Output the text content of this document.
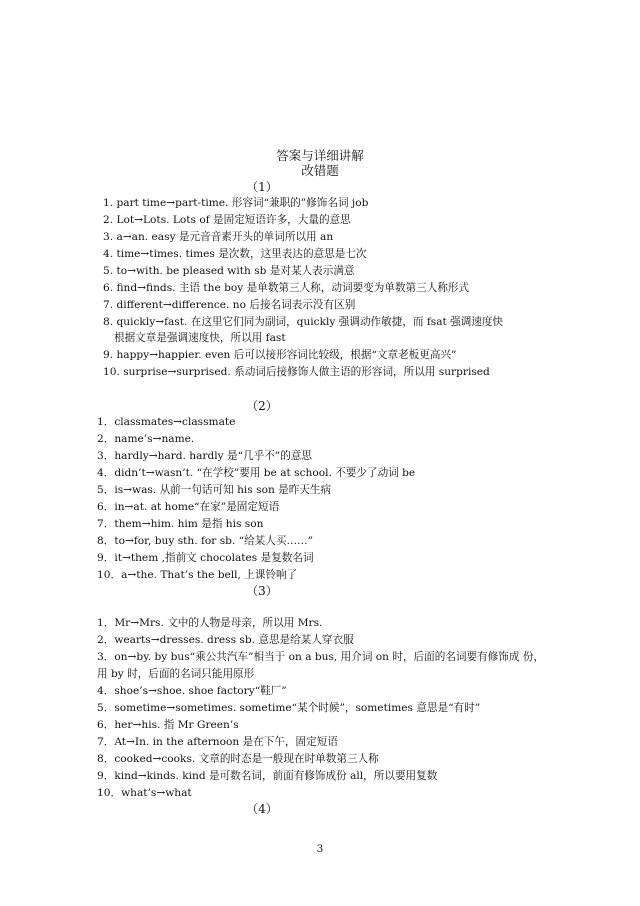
答案与详细讲解
改错题
（1）
1. part time→part-time. 形容词“兼职的”修饰名词 job
2. Lot→Lots. Lots of 是固定短语许多，大量的意思
3. a→an. easy 是元音音素开头的单词所以用 an
4. time→times. times 是次数，这里表达的意思是七次
5. to→with. be pleased with sb 是对某人表示满意
6. find→finds. 主语 the boy 是单数第三人称，动词要变为单数第三人称形式
7. different→difference. no 后接名词表示没有区别
8. quickly→fast. 在这里它们同为副词，quickly 强调动作敏捷，而 fsat 强调速度快
根据文章是强调速度快，所以用 fast
9. happy→happier. even 后可以接形容词比较级，根据“文章老板更高兴”
10. surprise→surprised. 系动词后接修饰人做主语的形容词，所以用 surprised
（2）
1．classmates→classmate
2．name’s→name.
3．hardly→hard. hardly 是“几乎不”的意思
4．didn’t→wasn’t. “在学校”要用 be at school. 不要少了动词 be
5．is→was. 从前一句话可知 his son 是昨天生病
6．in→at. at home“在家”是固定短语
7．them→him. him 是指 his son
8．to→for, buy sth. for sb. “给某人买……”
9．it→them ,指前文 chocolates 是复数名词
10．a→the. That’s the bell, 上课铃响了
（3）
1．Mr→Mrs. 文中的人物是母亲，所以用 Mrs.
2．wearts→dresses. dress sb. 意思是给某人穿衣服
3．on→by. by bus“乘公共汽车”相当于 on a bus, 用介词 on 时，后面的名词要有修饰成 份，
用 by 时，后面的名词只能用原形
4．shoe’s→shoe. shoe factory“鞋厂”
5．sometime→sometimes. sometime“某个时候”，sometimes 意思是“有时”
6．her→his. 指 Mr Green’s
7．At→In. in the afternoon 是在下午，固定短语
8．cooked→cooks. 文章的时态是一般现在时单数第三人称
9．kind→kinds. kind 是可数名词，前面有修饰成份 all，所以要用复数
10．what’s→what
（4）
3
